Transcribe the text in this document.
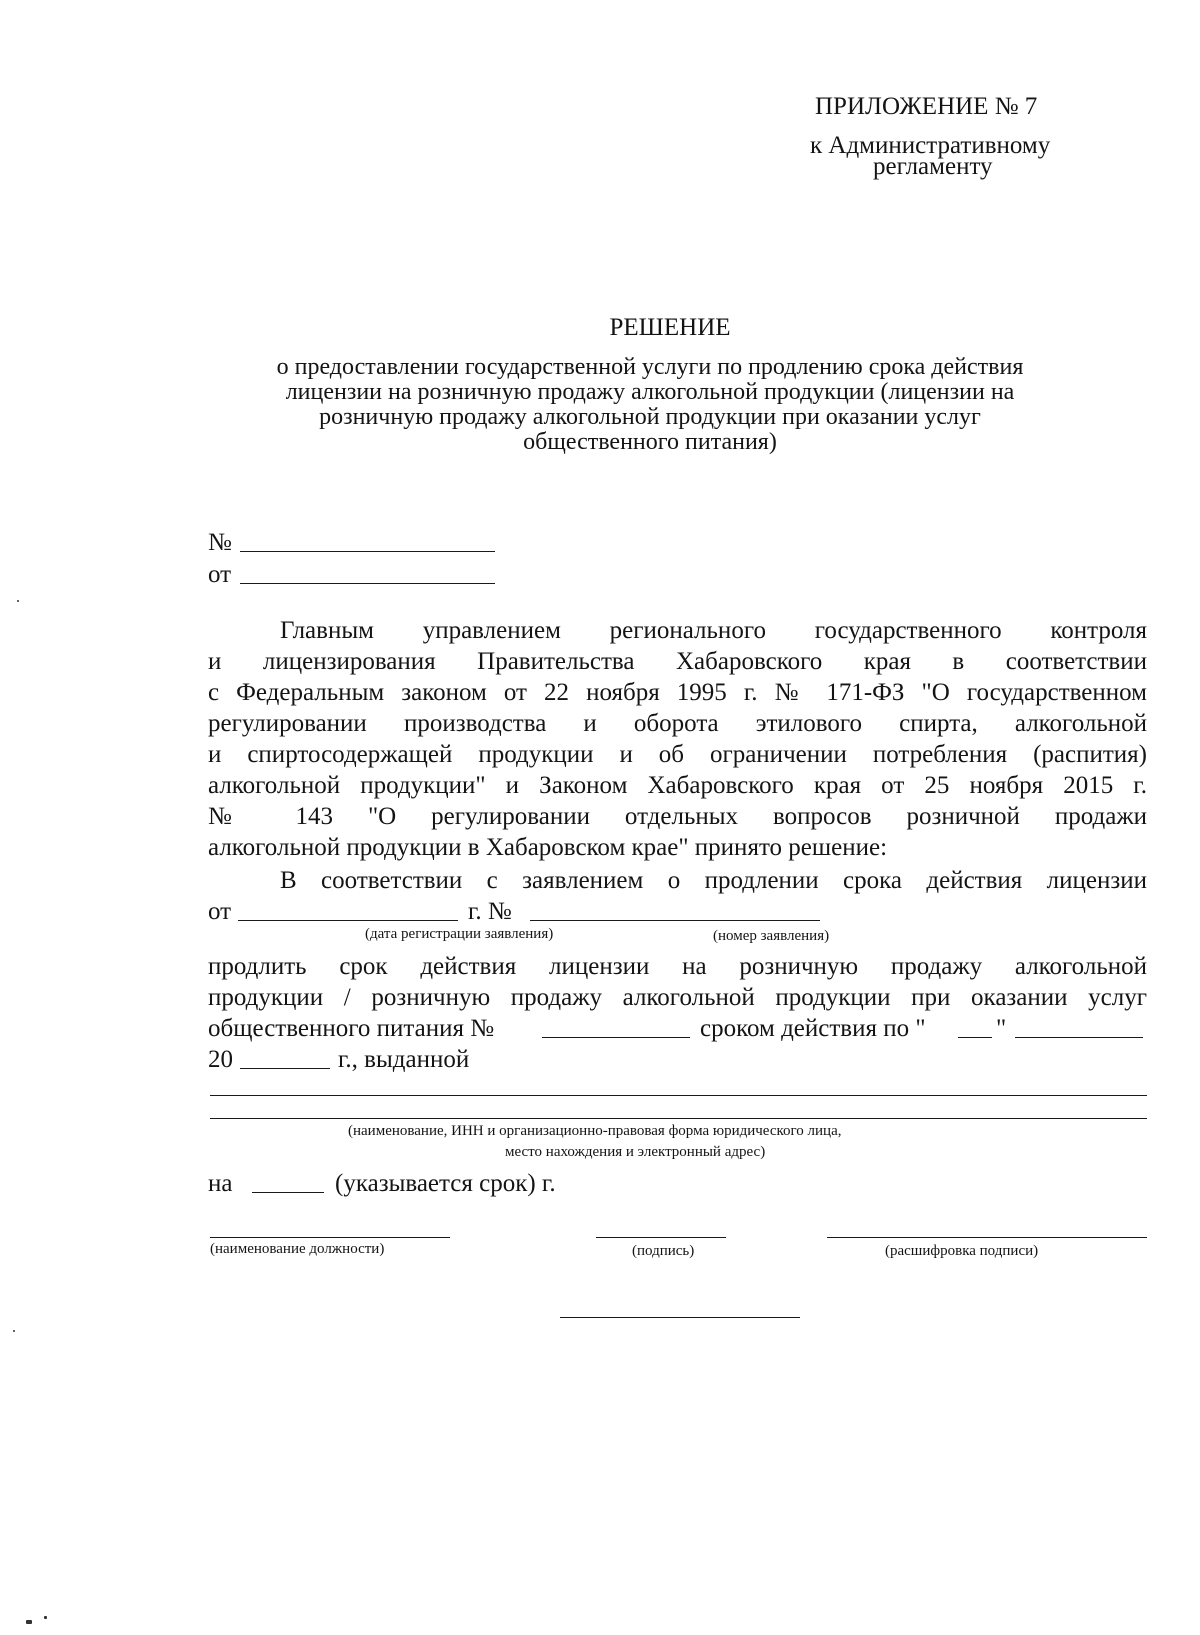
ПРИЛОЖЕНИЕ № 7
к Административному
регламенту
РЕШЕНИЕ
о предоставлении государственной услуги по продлению срока действия
лицензии на розничную продажу алкогольной продукции (лицензии на
розничную продажу алкогольной продукции при оказании услуг
общественного питания)
№
от
Главным управлением регионального государственного контроля
и лицензирования Правительства Хабаровского края в соответствии
с Федеральным законом от 22 ноября 1995 г. № 171-ФЗ "О государственном
регулировании производства и оборота этилового спирта, алкогольной
и спиртосодержащей продукции и об ограничении потребления (распития)
алкогольной продукции" и Законом Хабаровского края от 25 ноября 2015 г.
№ 143 "О регулировании отдельных вопросов розничной продажи
алкогольной продукции в Хабаровском крае" принято решение:
В соответствии с заявлением о продлении срока действия лицензии
от	г. №
(дата регистрации заявления)	(номер заявления)
продлить срок действия лицензии на розничную продажу алкогольной
продукции / розничную продажу алкогольной продукции при оказании услуг
общественного питания №	сроком действия по "	"
20	г., выданной
(наименование, ИНН и организационно-правовая форма юридического лица,
место нахождения и электронный адрес)
на	(указывается срок) г.
(наименование должности)	(подпись)	(расшифровка подписи)
